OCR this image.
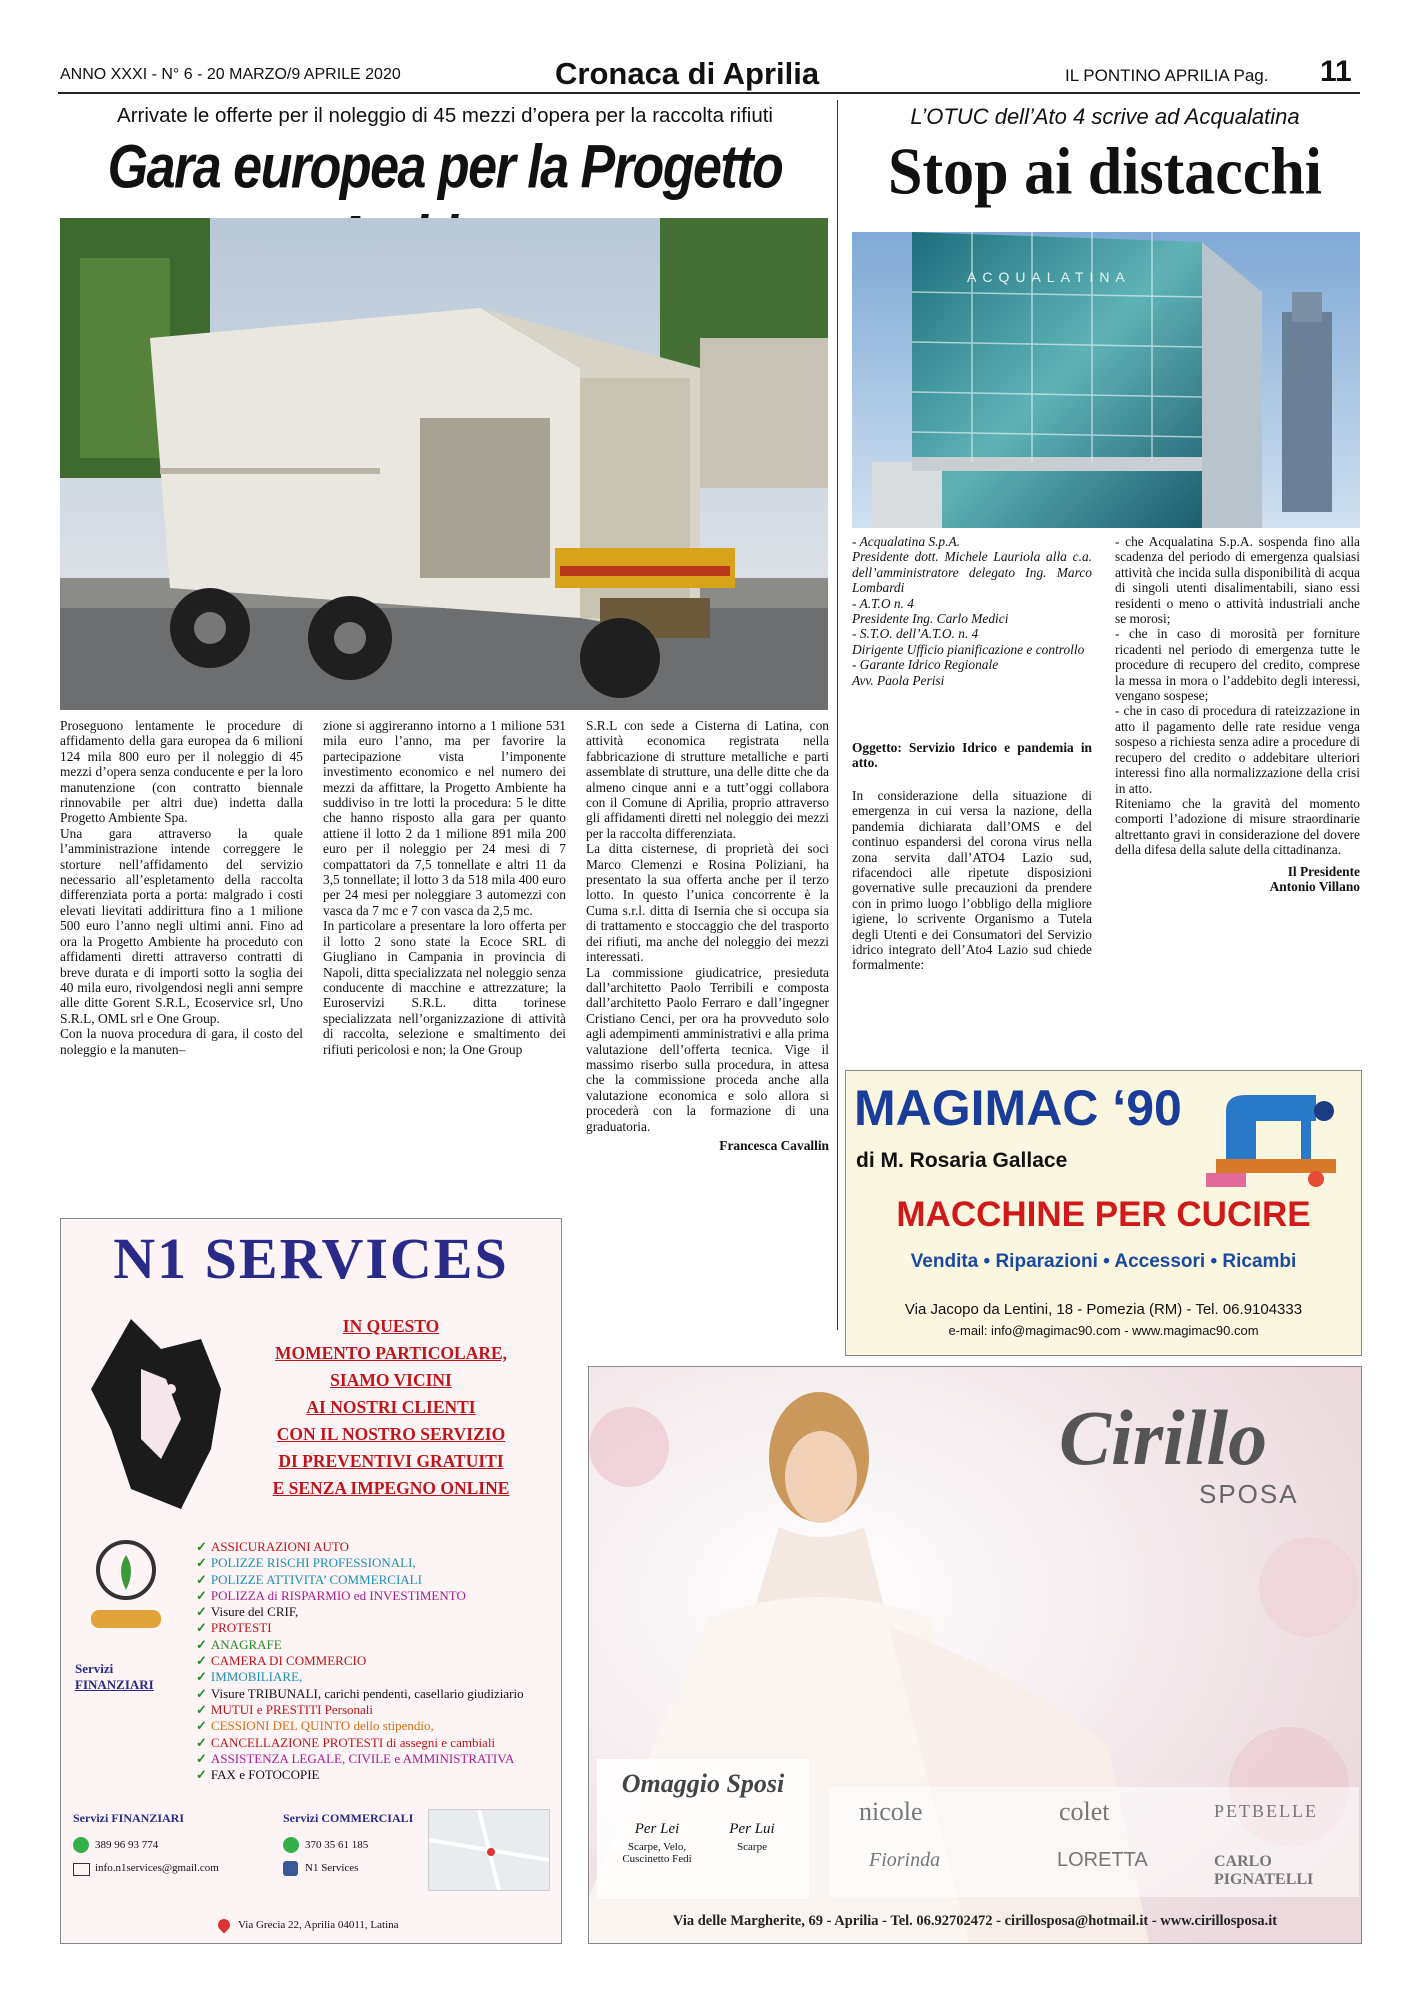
ANNO XXXI - N° 6 - 20 MARZO/9 APRILE 2020	Cronaca di Aprilia	IL PONTINO APRILIA Pag. 11
Arrivate le offerte per il noleggio di 45 mezzi d’opera per la raccolta rifiuti
Gara europea per la Progetto

Proseguono lentamente le procedure di affidamento della gara europea da 6 milioni 124 mila 800 euro per il noleggio di 45 mezzi d’opera senza conducente e per la loro manutenzione (con contratto biennale rinnovabile per altri due) indetta dalla Progetto Ambiente Spa.

Una gara attraverso la quale l’amministrazione intende correggere le storture nell’affidamento del servizio necessario all’espletamento della raccolta differenziata porta a porta: malgrado i costi elevati lievitati addirittura fino a 1 milione 500 euro l’anno negli ultimi anni. Fino ad ora la Progetto Ambiente ha proceduto con affidamenti diretti attraverso contratti di breve durata e di importi sotto la soglia dei 40 mila euro, rivolgendosi negli anni sempre alle ditte Gorent S.R.L, Ecoservice srl, Uno S.R.L, OML srl e One Group.

Con la nuova procedura di gara, il costo del noleggio e la manuten–

zione si aggireranno intorno a 1 milione 531 mila euro l’anno, ma per favorire la partecipazione vista l’imponente investimento economico e nel numero dei mezzi da affittare, la Progetto Ambiente ha suddiviso in tre lotti la procedura: 5 le ditte che hanno risposto alla gara per quanto attiene il lotto 2 da 1 milione 891 mila 200 euro per il noleggio per 24 mesi di 7 compattatori da 7,5 tonnellate e altri 11 da 3,5 tonnellate; il lotto 3 da 518 mila 400 euro per 24 mesi per noleggiare 3 automezzi con vasca da 7 mc e 7 con vasca da 2,5 mc.

In particolare a presentare la loro offerta per il lotto 2 sono state la Ecoce SRL di Giugliano in Campania in provincia di Napoli, ditta specializzata nel noleggio senza conducente di macchine e attrezzature; la Euroservizi S.R.L. ditta torinese specializzata nell’organizzazione di attività di raccolta, selezione e smaltimento dei rifiuti pericolosi e non; la One Group

S.R.L con sede a Cisterna di Latina, con attività economica registrata nella fabbricazione di strutture metalliche e parti assemblate di strutture, una delle ditte che da almeno cinque anni e a tutt’oggi collabora con il Comune di Aprilia, proprio attraverso gli affidamenti diretti nel noleggio dei mezzi per la raccolta differenziata.

La ditta cisternese, di proprietà dei soci Marco Clemenzi e Rosina Poliziani, ha presentato la sua offerta anche per il terzo lotto. In questo l’unica concorrente è la Cuma s.r.l. ditta di Isernia che si occupa sia di trattamento e stoccaggio che del trasporto dei rifiuti, ma anche del noleggio dei mezzi interessati.

La commissione giudicatrice, presieduta dall’architetto Paolo Terribili e composta dall’architetto Paolo Ferraro e dall’ingegner Cristiano Cenci, per ora ha provveduto solo agli adempimenti amministrativi e alla prima valutazione dell’offerta tecnica. Vige il massimo riserbo sulla procedura, in attesa che la commissione proceda anche alla valutazione economica e solo allora si procederà con la formazione di una graduatoria.

Francesca Cavallin
L’OTUC dell’Ato 4 scrive ad Acqualatina
Stop ai distacchi
ACQUALATINA
- Acqualatina S.p.A.
Presidente dott. Michele Lauriola alla c.a. dell’amministratore delegato Ing. Marco Lombardi
- A.T.O n. 4
Presidente Ing. Carlo Medici
- S.T.O. dell’A.T.O. n. 4
Dirigente Ufficio pianificazione e controllo
- Garante Idrico Regionale
Avv. Paola Perisi
Oggetto: Servizio Idrico e pandemia in atto.
In considerazione della situazione di emergenza in cui versa la nazione, della pandemia dichiarata dall’OMS e del continuo espandersi del corona virus nella zona servita dall’ATO4 Lazio sud, rifacendoci alle ripetute disposizioni governative sulle precauzioni da prendere con in primo luogo l’obbligo della migliore igiene, lo scrivente Organismo a Tutela degli Utenti e dei Consumatori del Servizio idrico integrato dell’Ato4 Lazio sud chiede formalmente:

- che Acqualatina S.p.A. sospenda fino alla scadenza del periodo di emergenza qualsiasi attività che incida sulla disponibilità di acqua di singoli utenti disalimentabili, siano essi residenti o meno o attività industriali anche se morosi;

- che in caso di morosità per forniture ricadenti nel periodo di emergenza tutte le procedure di recupero del credito, comprese la messa in mora o l’addebito degli interessi, vengano sospese;

- che in caso di procedura di rateizzazione in atto il pagamento delle rate residue venga sospeso a richiesta senza adire a procedure di recupero del credito o addebitare ulteriori interessi fino alla normalizzazione della crisi in atto.

Riteniamo che la gravità del momento comporti l’adozione di misure straordinarie altrettanto gravi in considerazione del dovere della difesa della salute della cittadinanza.

Il Presidente
Antonio Villano
N1 SERVICES
IN QUESTO
MOMENTO PARTICOLARE,
SIAMO VICINI
AI NOSTRI CLIENTI
CON IL NOSTRO SERVIZIO
DI PREVENTIVI GRATUITI
E SENZA IMPEGNO ONLINE
Servizi
FINANZIARI
✓ ASSICURAZIONI AUTO
✓ POLIZZE RISCHI PROFESSIONALI,
✓ POLIZZE ATTIVITA’ COMMERCIALI
✓ POLIZZA di RISPARMIO ed INVESTIMENTO
✓ Visure del CRIF,
✓ PROTESTI
✓ ANAGRAFE
✓ CAMERA DI COMMERCIO
✓ IMMOBILIARE,
✓ Visure TRIBUNALI, carichi pendenti, casellario giudiziario
✓ MUTUI e PRESTITI Personali
✓ CESSIONI DEL QUINTO dello stipendio,
✓ CANCELLAZIONE PROTESTI di assegni e cambiali
✓ ASSISTENZA LEGALE, CIVILE e AMMINISTRATIVA
✓ FAX e FOTOCOPIE
Servizi FINANZIARI
389 96 93 774
info.n1services@gmail.com
Servizi COMMERCIALI
370 35 61 185
N1 Services
Via Grecia 22, Aprilia 04011, Latina
MAGIMAC ‘90
di M. Rosaria Gallace
MACCHINE PER CUCIRE
Vendita • Riparazioni • Accessori • Ricambi
Via Jacopo da Lentini, 18 - Pomezia (RM) - Tel. 06.9104333
e-mail: info@magimac90.com - www.magimac90.com
Cirillo
SPOSA
Omaggio Sposi
Per Lei
Scarpe, Velo, Cuscinetto Fedi
Per Lui
Scarpe
nicole	colet	PETBELLE
Fiorinda	LORETTA	CARLO PIGNATELLI
Via delle Margherite, 69 - Aprilia - Tel. 06.92702472 - cirillosposa@hotmail.it - www.cirillosposa.it
